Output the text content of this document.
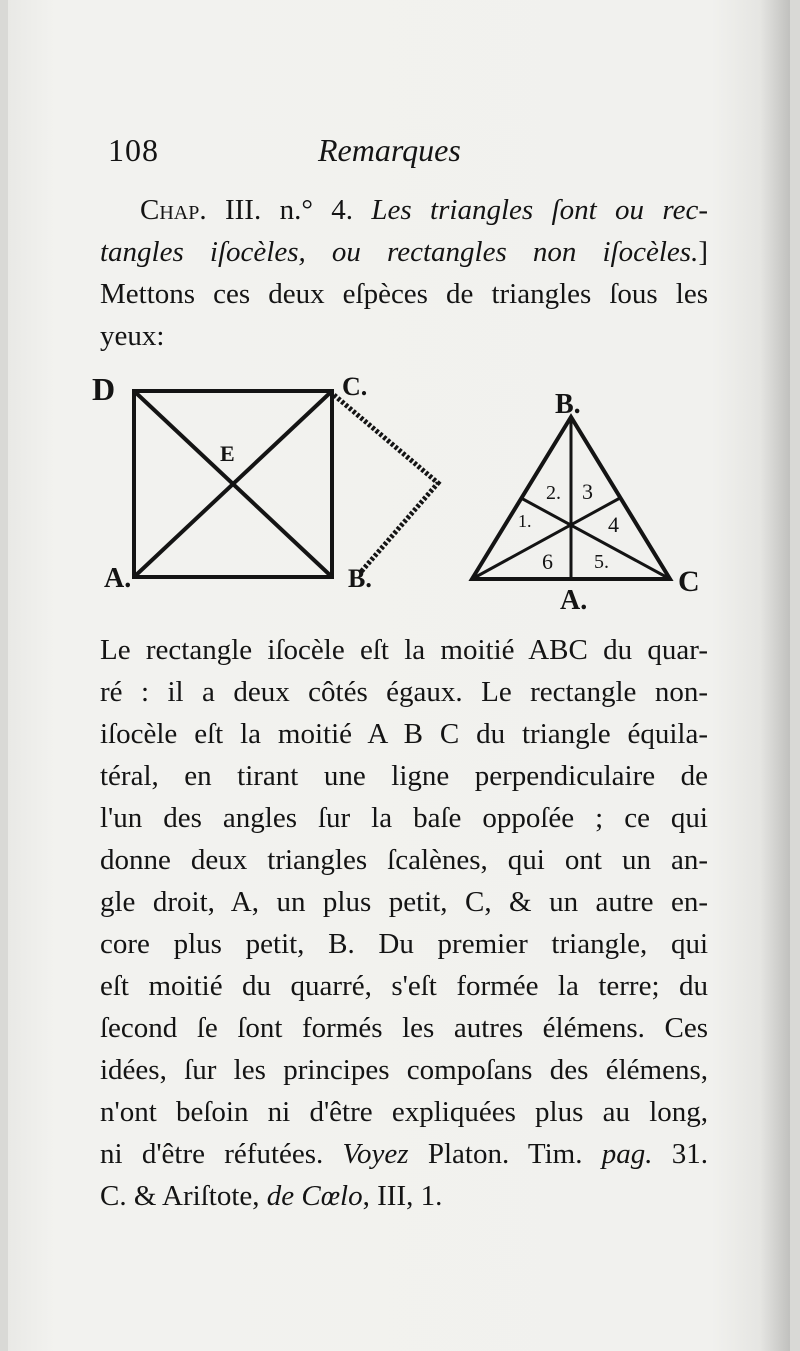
108	Remarques
Chap. III. n.° 4. Les triangles ſont ou rec-
tangles iſocèles, ou rectangles non iſocèles.]
Mettons ces deux eſpèces de triangles ſous les
yeux:
D	C.
E
A.	B.
B.
C
A.
1.
2. 3
4
5.
6
Le rectangle iſocèle eſt la moitié ABC du quar-
ré : il a deux côtés égaux. Le rectangle non-
iſocèle eſt la moitié A B C du triangle équila-
téral, en tirant une ligne perpendiculaire de
l'un des angles ſur la baſe oppoſée ; ce qui
donne deux triangles ſcalènes, qui ont un an-
gle droit, A, un plus petit, C, & un autre en-
core plus petit, B. Du premier triangle, qui
eſt moitié du quarré, s'eſt formée la terre; du
ſecond ſe ſont formés les autres élémens. Ces
idées, ſur les principes compoſans des élémens,
n'ont beſoin ni d'être expliquées plus au long,
ni d'être réfutées. Voyez Platon. Tim. pag. 31.
C. & Ariſtote, de Cœlo, III, 1.
